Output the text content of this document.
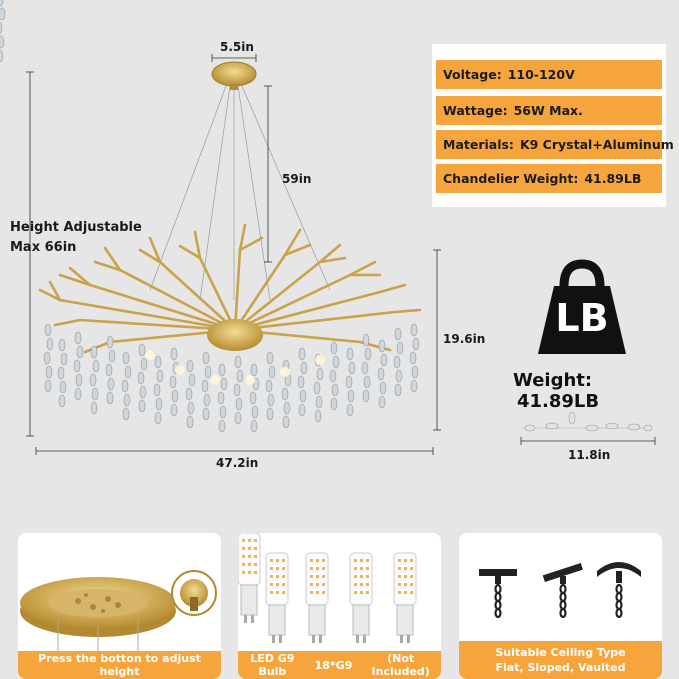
5.5in
59in
Height Adjustable
Max 66in
19.6in
47.2in
11.8in
Voltage: 110-120V
Wattage: 56W Max.
Materials: K9 Crystal+Aluminum
Chandelier Weight: 41.89LB
LB
Weight: 41.89LB
Press the botton to adjust height
LED G9 Bulb	18*G9	(Not Included)
Suitable Ceiling Type
Flat, Sloped, Vaulted
